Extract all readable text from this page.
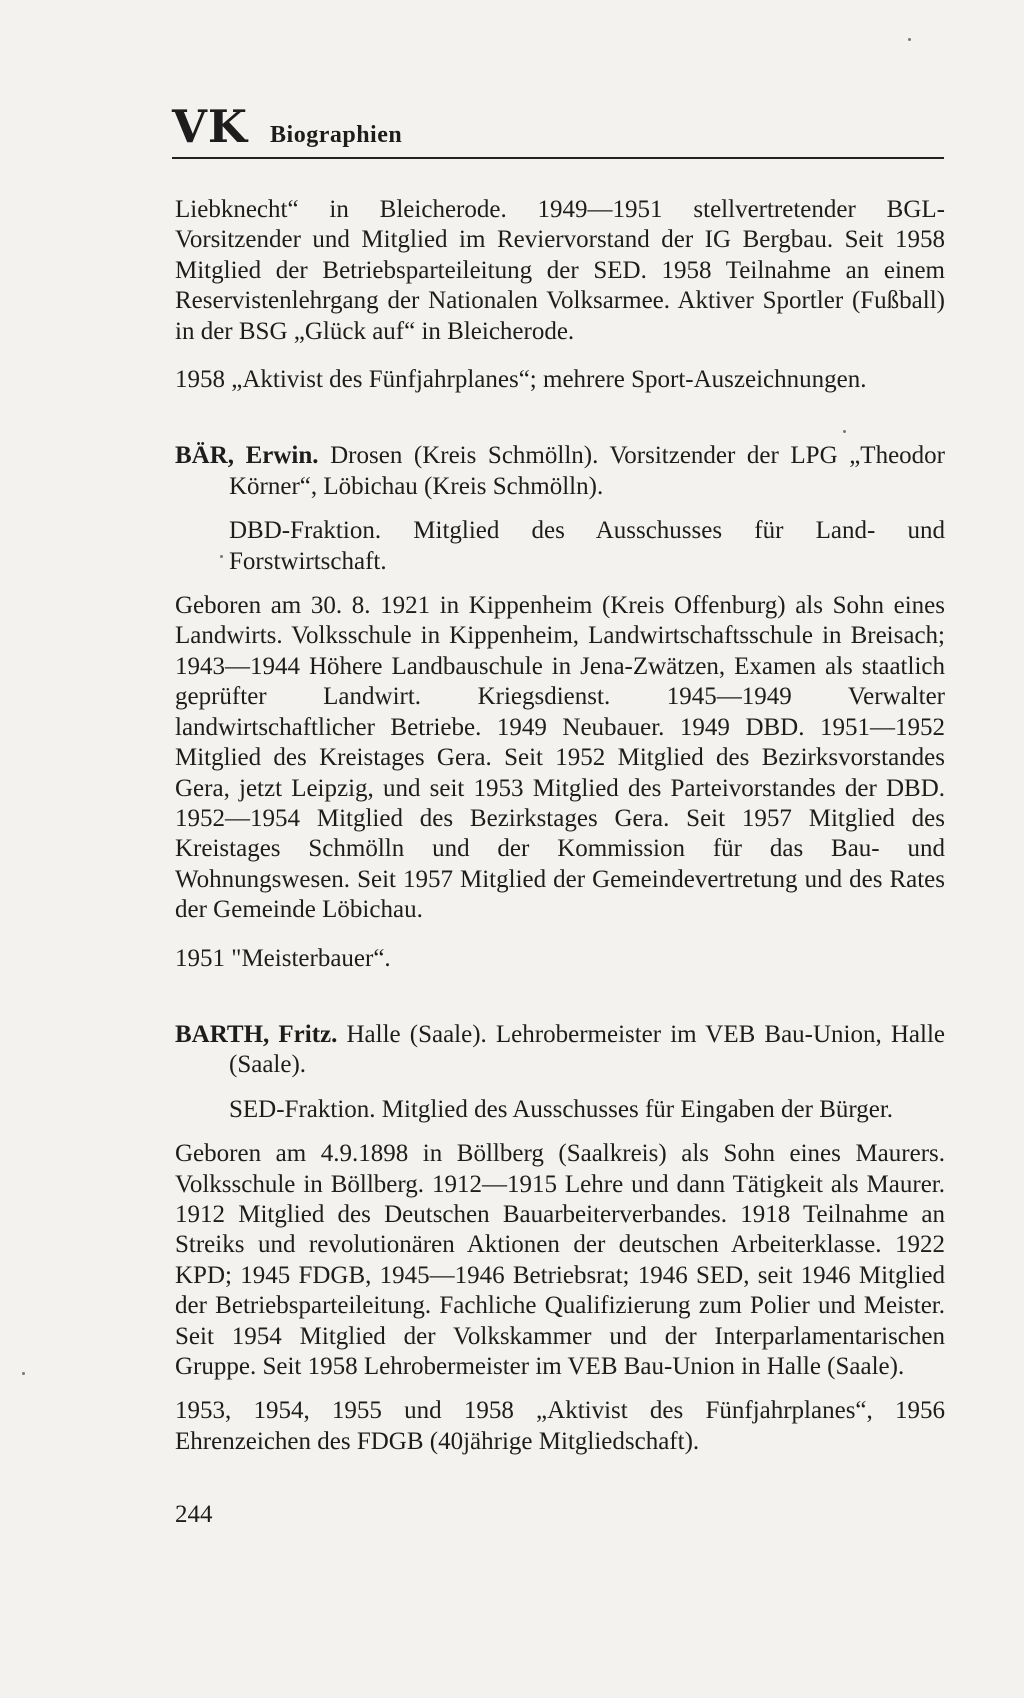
VK Biographien

Liebknecht“ in Bleicherode. 1949—1951 stellvertretender BGL-Vorsitzender und Mitglied im Reviervorstand der IG Bergbau. Seit 1958 Mitglied der Betriebsparteileitung der SED. 1958 Teilnahme an einem Reservistenlehrgang der Nationalen Volksarmee. Aktiver Sportler (Fußball) in der BSG „Glück auf“ in Bleicherode.

1958 „Aktivist des Fünfjahrplanes“; mehrere Sport-Auszeichnungen.

BÄR, Erwin. Drosen (Kreis Schmölln). Vorsitzender der LPG „Theodor Körner“, Löbichau (Kreis Schmölln).

DBD-Fraktion. Mitglied des Ausschusses für Land- und Forstwirtschaft.

Geboren am 30. 8. 1921 in Kippenheim (Kreis Offenburg) als Sohn eines Landwirts. Volksschule in Kippenheim, Landwirtschaftsschule in Breisach; 1943—1944 Höhere Landbauschule in Jena-Zwätzen, Examen als staatlich geprüfter Landwirt. Kriegsdienst. 1945—1949 Verwalter landwirtschaftlicher Betriebe. 1949 Neubauer. 1949 DBD. 1951—1952 Mitglied des Kreistages Gera. Seit 1952 Mitglied des Bezirksvorstandes Gera, jetzt Leipzig, und seit 1953 Mitglied des Parteivorstandes der DBD. 1952—1954 Mitglied des Bezirkstages Gera. Seit 1957 Mitglied des Kreistages Schmölln und der Kommission für das Bau- und Wohnungswesen. Seit 1957 Mitglied der Gemeindevertretung und des Rates der Gemeinde Löbichau.

1951 "Meisterbauer“.

BARTH, Fritz. Halle (Saale). Lehrobermeister im VEB Bau-Union, Halle (Saale).

SED-Fraktion. Mitglied des Ausschusses für Eingaben der Bürger.

Geboren am 4.9.1898 in Böllberg (Saalkreis) als Sohn eines Maurers. Volksschule in Böllberg. 1912—1915 Lehre und dann Tätigkeit als Maurer. 1912 Mitglied des Deutschen Bauarbeiterverbandes. 1918 Teilnahme an Streiks und revolutionären Aktionen der deutschen Arbeiterklasse. 1922 KPD; 1945 FDGB, 1945—1946 Betriebsrat; 1946 SED, seit 1946 Mitglied der Betriebsparteileitung. Fachliche Qualifizierung zum Polier und Meister. Seit 1954 Mitglied der Volkskammer und der Interparlamentarischen Gruppe. Seit 1958 Lehrobermeister im VEB Bau-Union in Halle (Saale).

1953, 1954, 1955 und 1958 „Aktivist des Fünfjahrplanes“, 1956 Ehrenzeichen des FDGB (40jährige Mitgliedschaft).

244
